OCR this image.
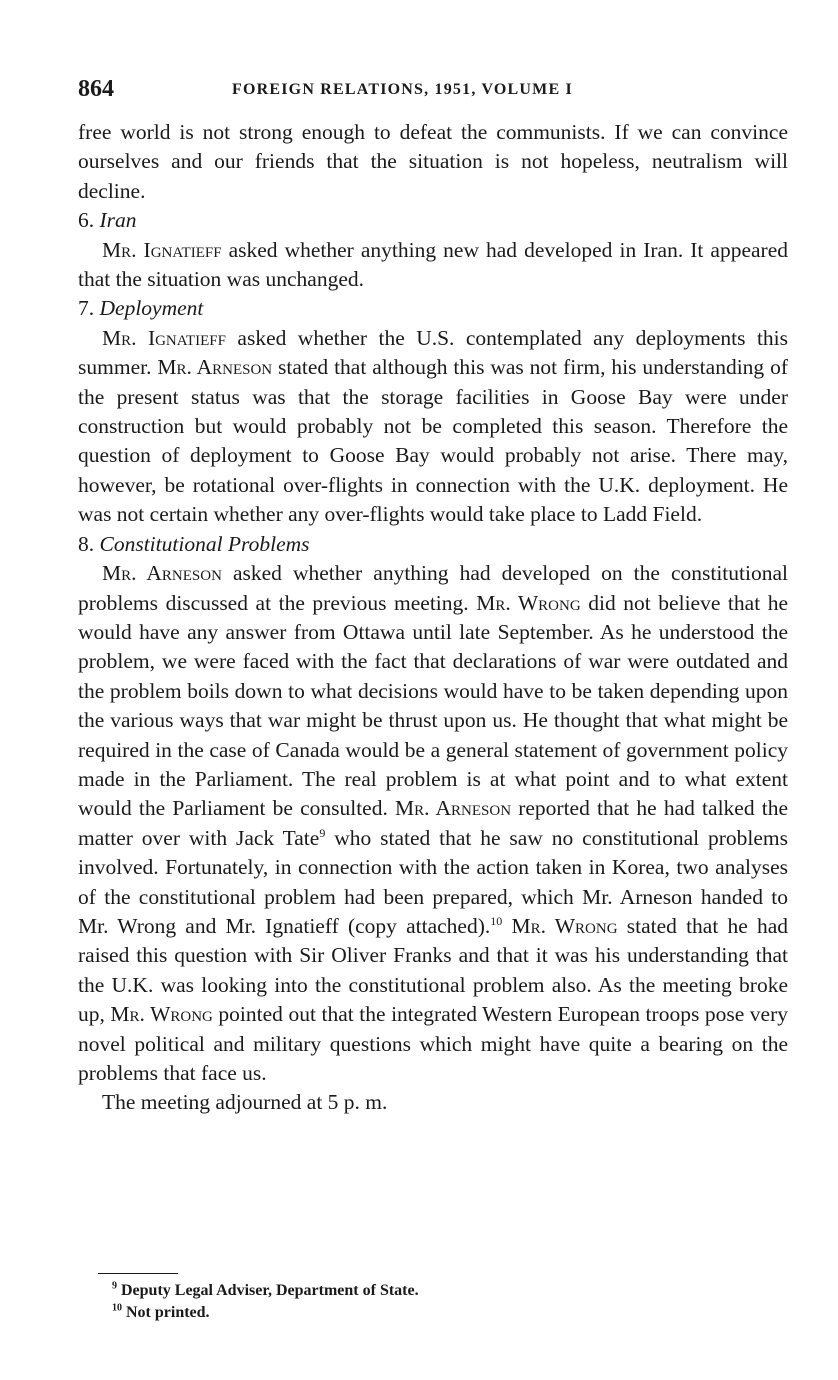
864	FOREIGN RELATIONS, 1951, VOLUME I

free world is not strong enough to defeat the communists. If we can convince ourselves and our friends that the situation is not hopeless, neutralism will decline.

6. Iran

Mr. Ignatieff asked whether anything new had developed in Iran. It appeared that the situation was unchanged.

7. Deployment

Mr. Ignatieff asked whether the U.S. contemplated any deployments this summer. Mr. Arneson stated that although this was not firm, his understanding of the present status was that the storage facilities in Goose Bay were under construction but would probably not be completed this season. Therefore the question of deployment to Goose Bay would probably not arise. There may, however, be rotational over-flights in connection with the U.K. deployment. He was not certain whether any over-flights would take place to Ladd Field.

8. Constitutional Problems

Mr. Arneson asked whether anything had developed on the constitutional problems discussed at the previous meeting. Mr. Wrong did not believe that he would have any answer from Ottawa until late September. As he understood the problem, we were faced with the fact that declarations of war were outdated and the problem boils down to what decisions would have to be taken depending upon the various ways that war might be thrust upon us. He thought that what might be required in the case of Canada would be a general statement of government policy made in the Parliament. The real problem is at what point and to what extent would the Parliament be consulted. Mr. Arneson reported that he had talked the matter over with Jack Tate$^9$ who stated that he saw no constitutional problems involved. Fortunately, in connection with the action taken in Korea, two analyses of the constitutional problem had been prepared, which Mr. Arneson handed to Mr. Wrong and Mr. Ignatieff (copy attached).$^{10}$ Mr. Wrong stated that he had raised this question with Sir Oliver Franks and that it was his understanding that the U.K. was looking into the constitutional problem also. As the meeting broke up, Mr. Wrong pointed out that the integrated Western European troops pose very novel political and military questions which might have quite a bearing on the problems that face us.

The meeting adjourned at 5 p. m.

$^9$ Deputy Legal Adviser, Department of State.

$^{10}$ Not printed.
